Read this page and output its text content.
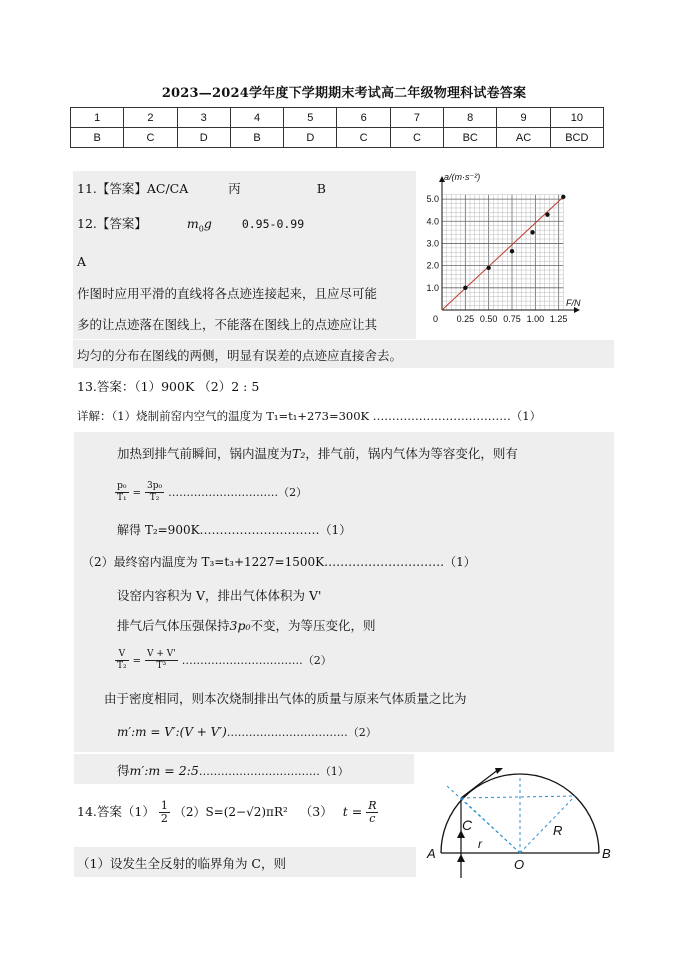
2023—2024学年度下学期期末考试高二年级物理科试卷答案
1	2	3	4	5	6	7	8	9	10
B	C	D	B	D	C	C	BC	AC	BCD
11.【答案】AC/CA	丙	B
12.【答案】	$m_0g$	0.95-0.99
A
作图时应用平滑的直线将各点迹连接起来，且应尽可能
多的让点迹落在图线上，不能落在图线上的点迹应让其
均匀的分布在图线的两侧，明显有误差的点迹应直接舍去。
0.25 0.50 0.75 1.00 1.25
1.0
2.0
3.0
4.0
5.0
0
a/(m·s⁻²)
F/N
13.答案：（1）900K （2）2 : 5
详解：（1）烧制前窑内空气的温度为 T₁=t₁+273=300K ………………………………（1）
加热到排气前瞬间，锅内温度为T₂，排气前，锅内气体为等容变化，则有
$\frac{\text{p₀}}{\text{T₁}} = \frac{\text{3p₀}}{\text{T₂}}$ …………………………（2）
解得 T₂=900K…………………………（1）
（2）最终窑内温度为 T₃=t₃+1227=1500K…………………………（1）
设窑内容积为 V，排出气体体积为 V'
排气后气体压强保持3p₀不变，为等压变化，则
$\frac{V}{\text{T₂}} = \frac{V + V'}{\text{T³}}$ ……………………………（2）
由于密度相同，则本次烧制排出气体的质量与原来气体质量之比为
m′:m = V′:(V + V′)……………………………（2）
得m′:m = 2:5……………………………（1）
14.答案$(1) \frac{1}{2} (2)S=(2-√2)\pi R^2$ （3） $t = \frac{R}{c}$
（1）设发生全反射的临界角为 C，则
A	B
O
C	R
r
